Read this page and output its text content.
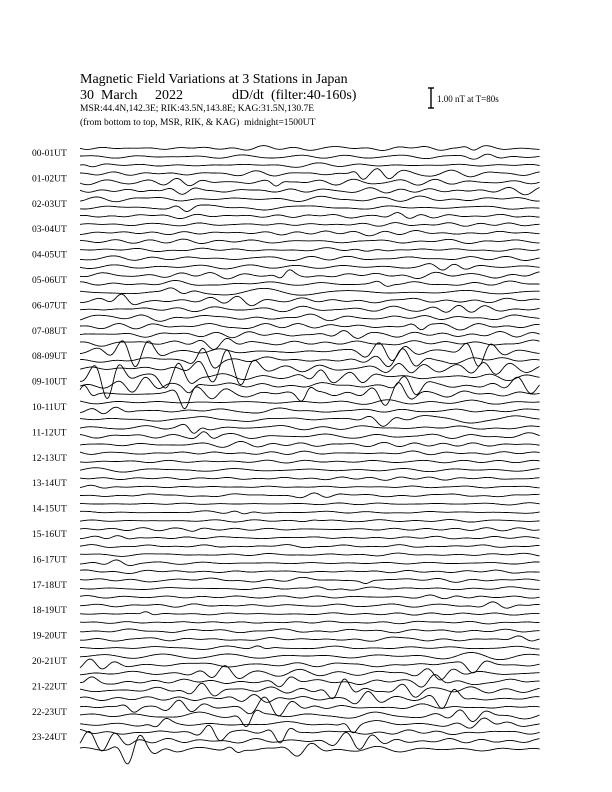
Magnetic Field Variations at 3 Stations in Japan
30 March 2022	dD/dt (filter:40-160s)
MSR:44.4N,142.3E; RIK:43.5N,143.8E; KAG:31.5N,130.7E
(from bottom to top, MSR, RIK, & KAG) midnight=1500UT
1.00 nT at T=80s
00-01UT
01-02UT
02-03UT
03-04UT
04-05UT
05-06UT
06-07UT
07-08UT
08-09UT
09-10UT
10-11UT
11-12UT
12-13UT
13-14UT
14-15UT
15-16UT
16-17UT
17-18UT
18-19UT
19-20UT
20-21UT
21-22UT
22-23UT
23-24UT
